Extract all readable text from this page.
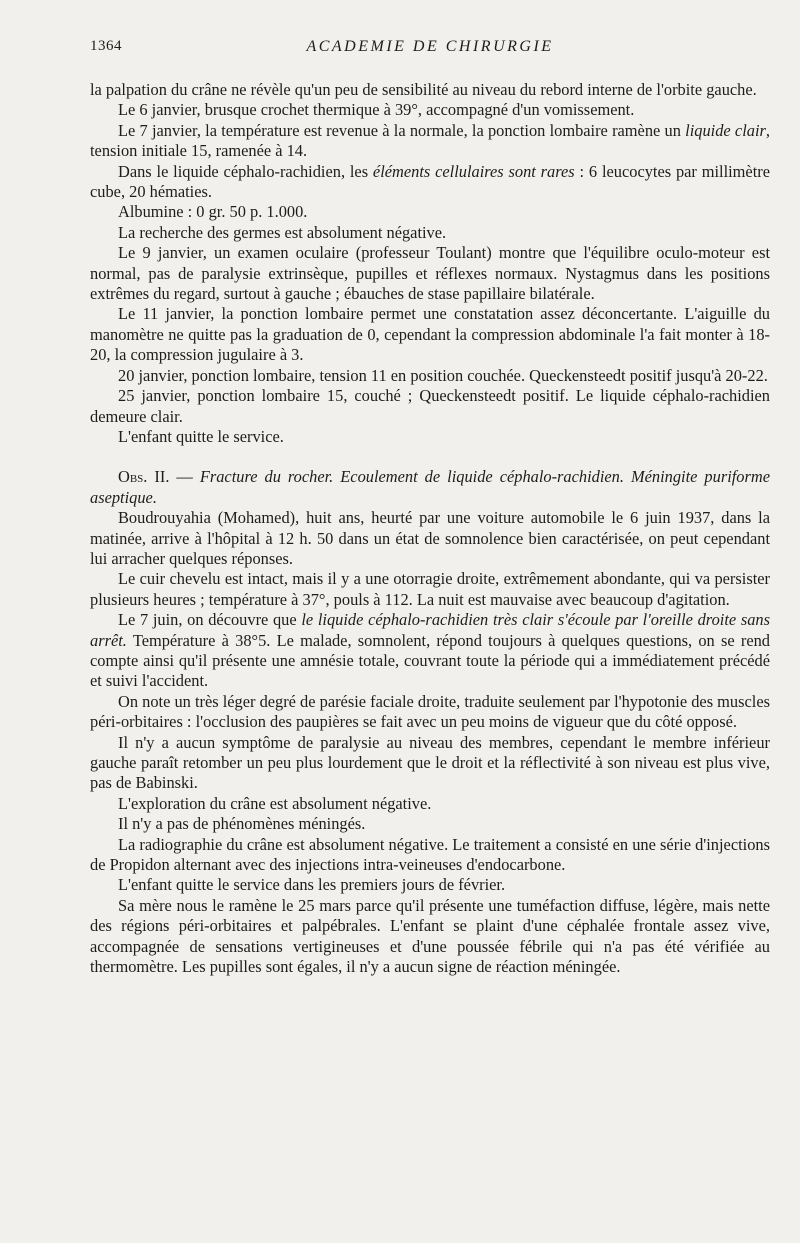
1364	ACADEMIE DE CHIRURGIE

la palpation du crâne ne révèle qu'un peu de sensibilité au niveau du rebord interne de l'orbite gauche.

Le 6 janvier, brusque crochet thermique à 39°, accompagné d'un vomissement.

Le 7 janvier, la température est revenue à la normale, la ponction lombaire ramène un liquide clair, tension initiale 15, ramenée à 14.

Dans le liquide céphalo-rachidien, les éléments cellulaires sont rares : 6 leucocytes par millimètre cube, 20 hématies.

Albumine : 0 gr. 50 p. 1.000.

La recherche des germes est absolument négative.

Le 9 janvier, un examen oculaire (professeur Toulant) montre que l'équilibre oculo-moteur est normal, pas de paralysie extrinsèque, pupilles et réflexes normaux. Nystagmus dans les positions extrêmes du regard, surtout à gauche ; ébauches de stase papillaire bilatérale.

Le 11 janvier, la ponction lombaire permet une constatation assez déconcertante. L'aiguille du manomètre ne quitte pas la graduation de 0, cependant la compression abdominale l'a fait monter à 18-20, la compression jugulaire à 3.

20 janvier, ponction lombaire, tension 11 en position couchée. Queckensteedt positif jusqu'à 20-22.

25 janvier, ponction lombaire 15, couché ; Queckensteedt positif. Le liquide céphalo-rachidien demeure clair.

L'enfant quitte le service.

Obs. II. — Fracture du rocher. Ecoulement de liquide céphalo-rachidien. Méningite puriforme aseptique.

Boudrouyahia (Mohamed), huit ans, heurté par une voiture automobile le 6 juin 1937, dans la matinée, arrive à l'hôpital à 12 h. 50 dans un état de somnolence bien caractérisée, on peut cependant lui arracher quelques réponses.

Le cuir chevelu est intact, mais il y a une otorragie droite, extrêmement abondante, qui va persister plusieurs heures ; température à 37°, pouls à 112. La nuit est mauvaise avec beaucoup d'agitation.

Le 7 juin, on découvre que le liquide céphalo-rachidien très clair s'écoule par l'oreille droite sans arrêt. Température à 38°5. Le malade, somnolent, répond toujours à quelques questions, on se rend compte ainsi qu'il présente une amnésie totale, couvrant toute la période qui a immédiatement précédé et suivi l'accident.

On note un très léger degré de parésie faciale droite, traduite seulement par l'hypotonie des muscles péri-orbitaires : l'occlusion des paupières se fait avec un peu moins de vigueur que du côté opposé.

Il n'y a aucun symptôme de paralysie au niveau des membres, cependant le membre inférieur gauche paraît retomber un peu plus lourdement que le droit et la réflectivité à son niveau est plus vive, pas de Babinski.

L'exploration du crâne est absolument négative.

Il n'y a pas de phénomènes méningés.

La radiographie du crâne est absolument négative. Le traitement a consisté en une série d'injections de Propidon alternant avec des injections intra-veineuses d'endocarbone.

L'enfant quitte le service dans les premiers jours de février.

Sa mère nous le ramène le 25 mars parce qu'il présente une tuméfaction diffuse, légère, mais nette des régions péri-orbitaires et palpébrales. L'enfant se plaint d'une céphalée frontale assez vive, accompagnée de sensations vertigineuses et d'une poussée fébrile qui n'a pas été vérifiée au thermomètre. Les pupilles sont égales, il n'y a aucun signe de réaction méningée.
